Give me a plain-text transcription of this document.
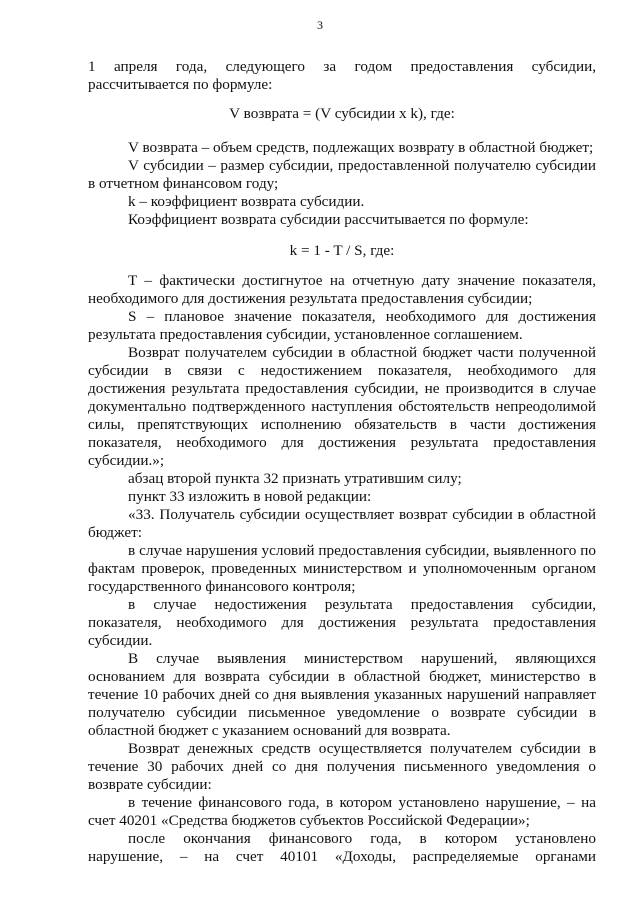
3
1 апреля года, следующего за годом предоставления субсидии,
рассчитывается по формуле:
V возврата = (V субсидии x k), где:
V возврата – объем средств, подлежащих возврату в областной бюджет;
V субсидии – размер субсидии, предоставленной получателю субсидии
в отчетном финансовом году;
k – коэффициент возврата субсидии.
Коэффициент возврата субсидии рассчитывается по формуле:
k = 1 - T / S, где:
T – фактически достигнутое на отчетную дату значение показателя,
необходимого для достижения результата предоставления субсидии;
S – плановое значение показателя, необходимого для достижения
результата предоставления субсидии, установленное соглашением.
Возврат получателем субсидии в областной бюджет части полученной
субсидии в связи с недостижением показателя, необходимого для
достижения результата предоставления субсидии, не производится в случае
документально подтвержденного наступления обстоятельств непреодолимой
силы, препятствующих исполнению обязательств в части достижения
показателя, необходимого для достижения результата предоставления
субсидии.»;
абзац второй пункта 32 признать утратившим силу;
пункт 33 изложить в новой редакции:
«33. Получатель субсидии осуществляет возврат субсидии в областной
бюджет:
в случае нарушения условий предоставления субсидии, выявленного по
фактам проверок, проведенных министерством и уполномоченным органом
государственного финансового контроля;
в случае недостижения результата предоставления субсидии,
показателя, необходимого для достижения результата предоставления
субсидии.
В случае выявления министерством нарушений, являющихся
основанием для возврата субсидии в областной бюджет, министерство в
течение 10 рабочих дней со дня выявления указанных нарушений направляет
получателю субсидии письменное уведомление о возврате субсидии в
областной бюджет с указанием оснований для возврата.
Возврат денежных средств осуществляется получателем субсидии в
течение 30 рабочих дней со дня получения письменного уведомления о
возврате субсидии:
в течение финансового года, в котором установлено нарушение, – на
счет 40201 «Средства бюджетов субъектов Российской Федерации»;
после окончания финансового года, в котором установлено
нарушение, – на счет 40101 «Доходы, распределяемые органами
